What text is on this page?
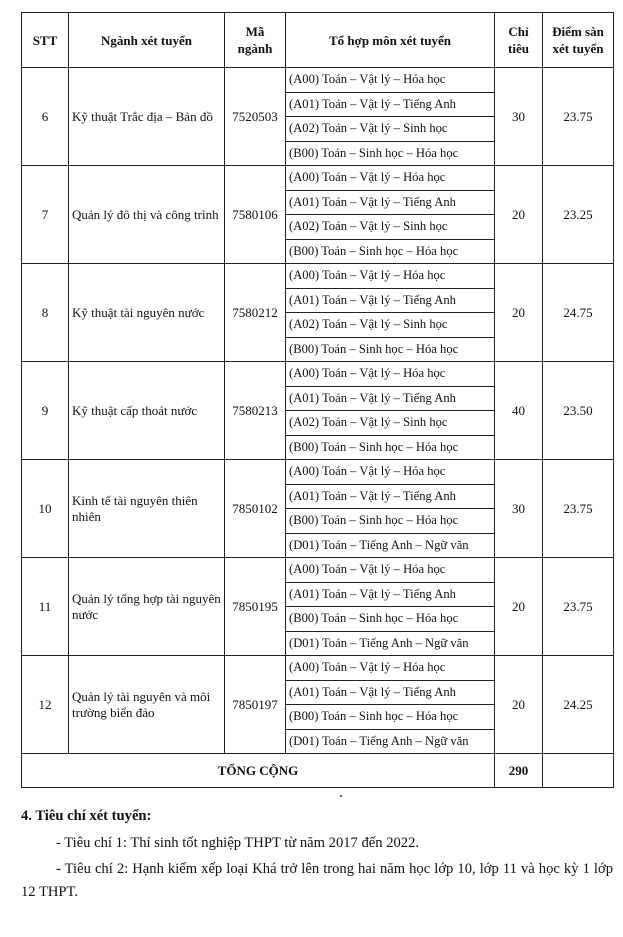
STT	Ngành xét tuyển	Mã ngành	Tổ hợp môn xét tuyển	Chỉ tiêu	Điểm sàn xét tuyển
6	Kỹ thuật Trắc địa – Bản đồ	7520503	(A00) Toán – Vật lý – Hóa học	30	23.75
			(A01) Toán – Vật lý – Tiếng Anh		
			(A02) Toán – Vật lý – Sinh học		
			(B00) Toán – Sinh học – Hóa học		
7	Quản lý đô thị và công trình	7580106	(A00) Toán – Vật lý – Hóa học	20	23.25
			(A01) Toán – Vật lý – Tiếng Anh		
			(A02) Toán – Vật lý – Sinh học		
			(B00) Toán – Sinh học – Hóa học		
8	Kỹ thuật tài nguyên nước	7580212	(A00) Toán – Vật lý – Hóa học	20	24.75
			(A01) Toán – Vật lý – Tiếng Anh		
			(A02) Toán – Vật lý – Sinh học		
			(B00) Toán – Sinh học – Hóa học		
9	Kỹ thuật cấp thoát nước	7580213	(A00) Toán – Vật lý – Hóa học	40	23.50
			(A01) Toán – Vật lý – Tiếng Anh		
			(A02) Toán – Vật lý – Sinh học		
			(B00) Toán – Sinh học – Hóa học		
10	Kinh tế tài nguyên thiên nhiên	7850102	(A00) Toán – Vật lý – Hóa học	30	23.75
			(A01) Toán – Vật lý – Tiếng Anh		
			(B00) Toán – Sinh học – Hóa học		
			(D01) Toán – Tiếng Anh – Ngữ văn		
11	Quản lý tổng hợp tài nguyên nước	7850195	(A00) Toán – Vật lý – Hóa học	20	23.75
			(A01) Toán – Vật lý – Tiếng Anh		
			(B00) Toán – Sinh học – Hóa học		
			(D01) Toán – Tiếng Anh – Ngữ văn		
12	Quản lý tài nguyên và môi trường biển đảo	7850197	(A00) Toán – Vật lý – Hóa học	20	24.25
			(A01) Toán – Vật lý – Tiếng Anh		
			(B00) Toán – Sinh học – Hóa học		
			(D01) Toán – Tiếng Anh – Ngữ văn		
TỔNG CỘNG				290	
4. Tiêu chí xét tuyển:

- Tiêu chí 1: Thí sinh tốt nghiệp THPT từ năm 2017 đến 2022.

- Tiêu chí 2: Hạnh kiểm xếp loại Khá trở lên trong hai năm học lớp 10, lớp 11 và học kỳ 1 lớp 12 THPT.
